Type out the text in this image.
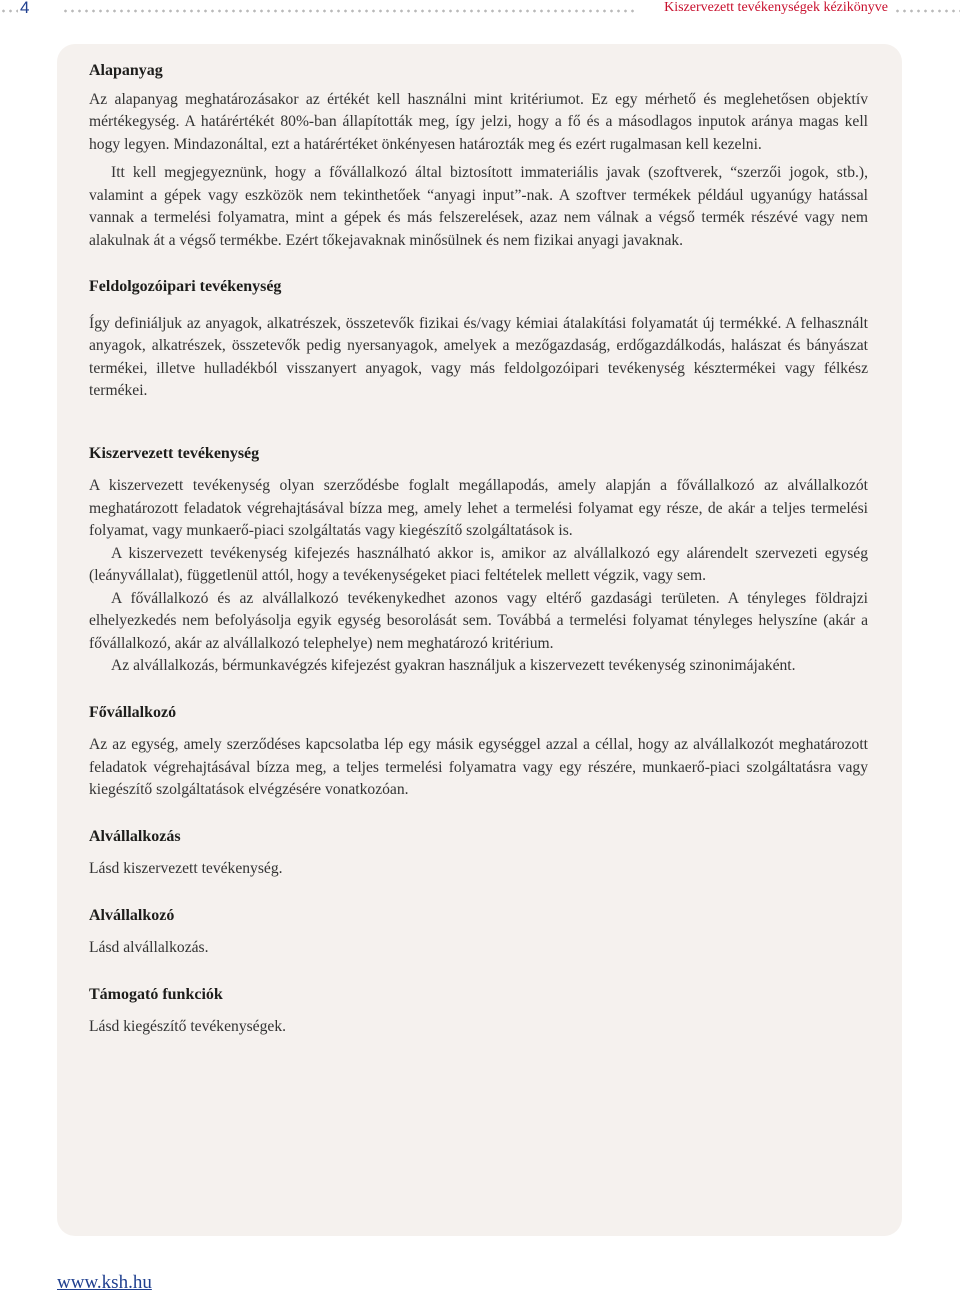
4	Kiszervezett tevékenységek kézikönyve

Alapanyag

Az alapanyag meghatározásakor az értékét kell használni mint kritériumot. Ez egy mérhető és meglehetősen objektív mértékegység. A határértékét 80%-ban állapították meg, így jelzi, hogy a fő és a másodlagos inputok aránya magas kell hogy legyen. Mindazonáltal, ezt a határértéket önkényesen határozták meg és ezért rugalmasan kell kezelni.

Itt kell megjegyeznünk, hogy a fővállalkozó által biztosított immateriális javak (szoftverek, “szerzői jogok, stb.), valamint a gépek vagy eszközök nem tekinthetőek “anyagi input”-nak. A szoftver termékek például ugyanúgy hatással vannak a termelési folyamatra, mint a gépek és más felszerelések, azaz nem válnak a végső termék részévé vagy nem alakulnak át a végső termékbe. Ezért tőkejavaknak minősülnek és nem fizikai anyagi javaknak.

Feldolgozóipari tevékenység

Így definiáljuk az anyagok, alkatrészek, összetevők fizikai és/vagy kémiai átalakítási folyamatát új termékké. A felhasznált anyagok, alkatrészek, összetevők pedig nyersanyagok, amelyek a mezőgazdaság, erdőgazdálkodás, halászat és bányászat termékei, illetve hulladékból visszanyert anyagok, vagy más feldolgozóipari tevékenység késztermékei vagy félkész termékei.

Kiszervezett tevékenység

A kiszervezett tevékenység olyan szerződésbe foglalt megállapodás, amely alapján a fővállalkozó az alvállalkozót meghatározott feladatok végrehajtásával bízza meg, amely lehet a termelési folyamat egy része, de akár a teljes termelési folyamat, vagy munkaerő-piaci szolgáltatás vagy kiegészítő szolgáltatások is.

A kiszervezett tevékenység kifejezés használható akkor is, amikor az alvállalkozó egy alárendelt szervezeti egység (leányvállalat), függetlenül attól, hogy a tevékenységeket piaci feltételek mellett végzik, vagy sem.

A fővállalkozó és az alvállalkozó tevékenykedhet azonos vagy eltérő gazdasági területen. A tényleges földrajzi elhelyezkedés nem befolyásolja egyik egység besorolását sem. Továbbá a termelési folyamat tényleges helyszíne (akár a fővállalkozó, akár az alvállalkozó telephelye) nem meghatározó kritérium.

Az alvállalkozás, bérmunkavégzés kifejezést gyakran használjuk a kiszervezett tevékenység szinonimájaként.

Fővállalkozó

Az az egység, amely szerződéses kapcsolatba lép egy másik egységgel azzal a céllal, hogy az alvállalkozót meghatározott feladatok végrehajtásával bízza meg, a teljes termelési folyamatra vagy egy részére, munkaerő-piaci szolgáltatásra vagy kiegészítő szolgáltatások elvégzésére vonatkozóan.

Alvállalkozás

Lásd kiszervezett tevékenység.

Alvállalkozó

Lásd alvállalkozás.

Támogató funkciók

Lásd kiegészítő tevékenységek.

www.ksh.hu
